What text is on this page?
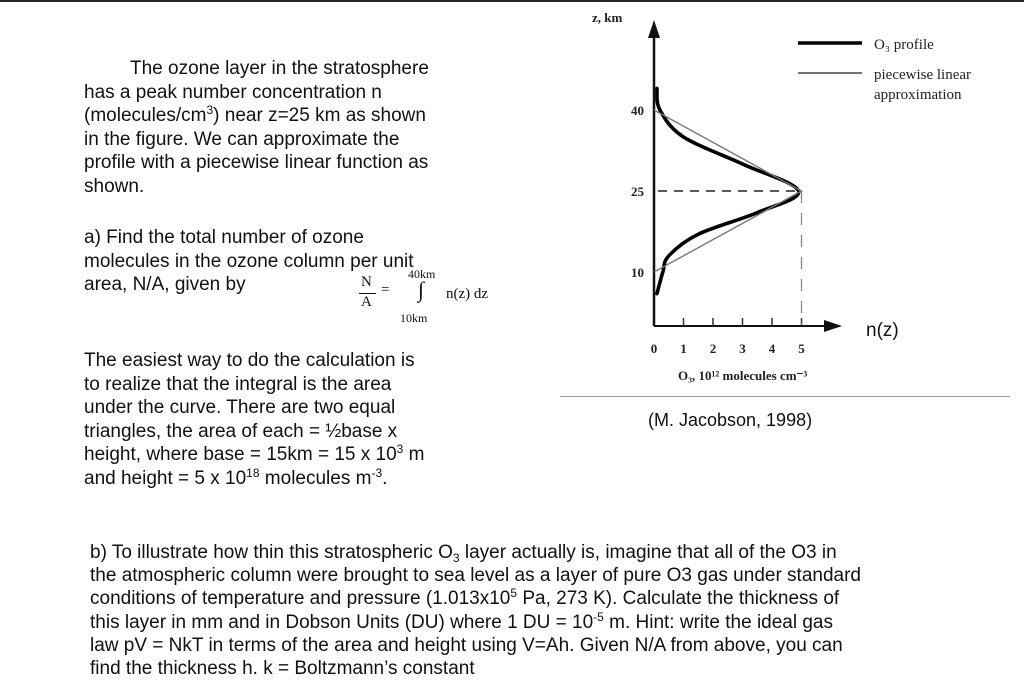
The ozone layer in the stratosphere
has a peak number concentration n
$(molecules/cm^3)$ near z=25 km as shown
in the figure. We can approximate the
profile with a piecewise linear function as
shown.
a) Find the total number of ozone
molecules in the ozone column per unit
area, N/A, given by	N
A
=
40km
∫
10km
n(z) dz
The easiest way to do the calculation is
to realize that the integral is the area
under the curve. There are two equal
triangles, the area of each = ½base x
height, where base = 15km = 15 x $10^3$ m
and height = 5 x $10^{18}$ molecules $m^{-3}$.
z, km
n(z)
O₃, 10¹² molecules cm⁻³
0 1 2 3 4 5
10
25
40
O₃ profile
piecewise linear
approximation
(M. Jacobson, 1998)
b) To illustrate how thin this stratospheric $O_3$ layer actually is, imagine that all of the O3 in
the atmospheric column were brought to sea level as a layer of pure O3 gas under standard
conditions of temperature and pressure ($1.013x10^5$ Pa, 273 K). Calculate the thickness of
this layer in mm and in Dobson Units (DU) where 1 DU = $10^{-5}$ m. Hint: write the ideal gas
law pV = NkT in terms of the area and height using V=Ah. Given N/A from above, you can
find the thickness h. k = Boltzmann’s constant
